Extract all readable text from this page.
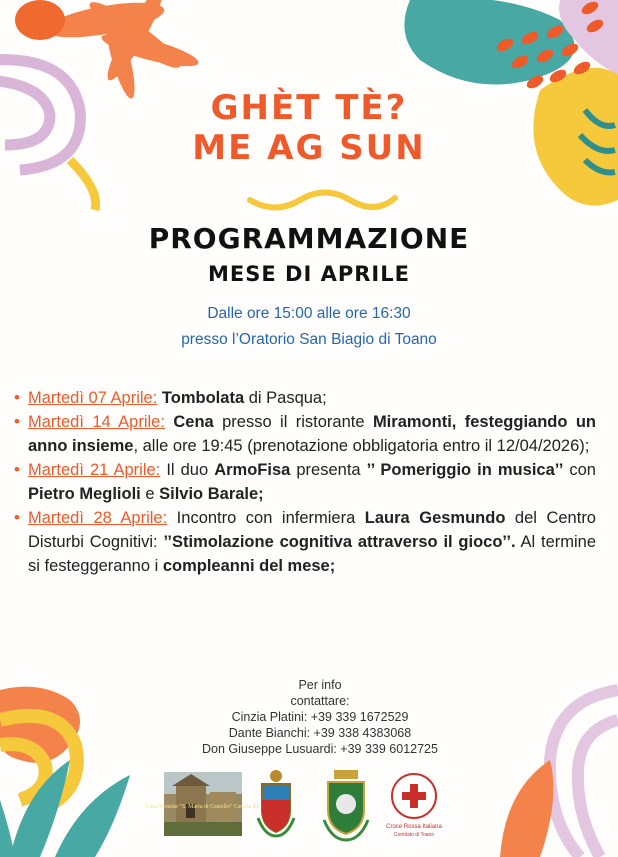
GHÈT TÈ?
ME AG SUN
PROGRAMMAZIONE
MESE DI APRILE
Dalle ore 15:00 alle ore 16:30
presso l’Oratorio San Biagio di Toano
• Martedì 07 Aprile: Tombolata di Pasqua;
• Martedì 14 Aprile: Cena presso il ristorante Miramonti, festeggiando un anno insieme, alle ore 19:45 (prenotazione obbligatoria entro il 12/04/2026);
• Martedì 21 Aprile: Il duo ArmoFisa presenta ’’ Pomeriggio in musica’’ con Pietro Meglioli e Silvio Barale;
• Martedì 28 Aprile: Incontro con infermiera Laura Gesmundo del Centro Disturbi Cognitivi: ’’Stimolazione cognitiva attraverso il gioco’’. Al termine si festeggeranno i compleanni del mese;
Per info
contattare:
Cinzia Platini: +39 339 1672529
Dante Bianchi: +39 338 4383068
Don Giuseppe Lusuardi: +39 339 6012725
Casa Protetta “S. Maria di Castello” Cavola RE
Croce Rossa Italiana
Comitato di Toano
